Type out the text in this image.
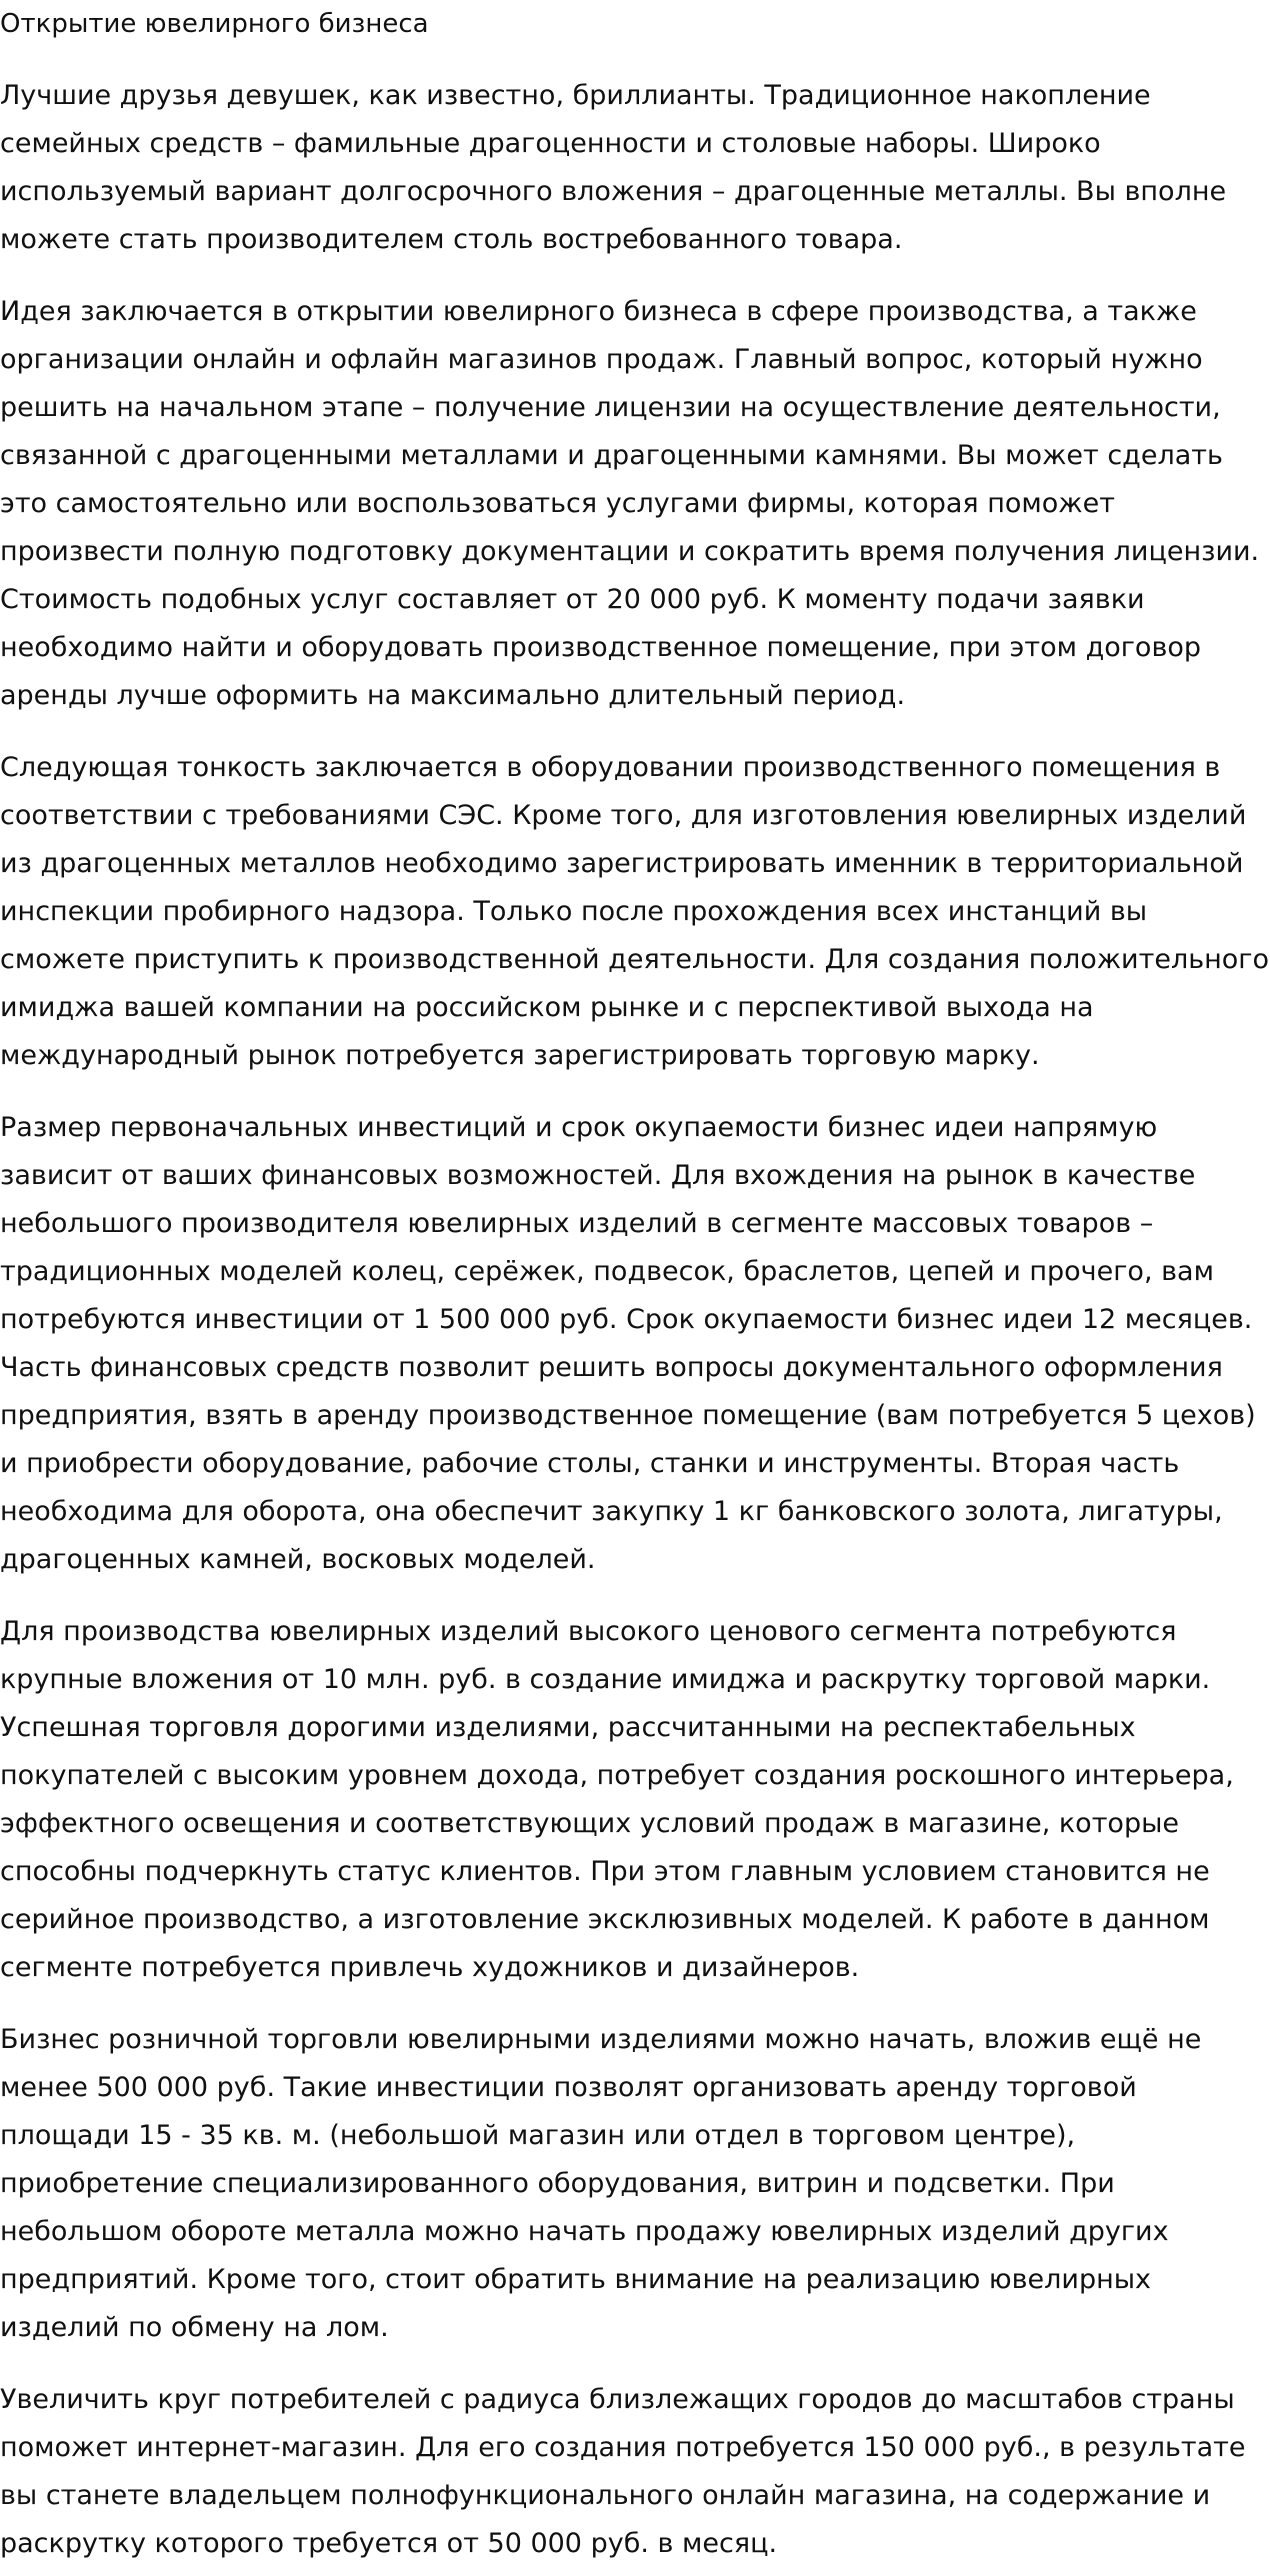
Открытие ювелирного бизнеса

Лучшие друзья девушек, как известно, бриллианты. Традиционное накопление семейных средств – фамильные драгоценности и столовые наборы. Широко используемый вариант долгосрочного вложения – драгоценные металлы. Вы вполне можете стать производителем столь востребованного товара.

Идея заключается в открытии ювелирного бизнеса в сфере производства, а также организации онлайн и офлайн магазинов продаж. Главный вопрос, который нужно решить на начальном этапе – получение лицензии на осуществление деятельности, связанной с драгоценными металлами и драгоценными камнями. Вы может сделать это самостоятельно или воспользоваться услугами фирмы, которая поможет произвести полную подготовку документации и сократить время получения лицензии. Стоимость подобных услуг составляет от 20 000 руб. К моменту подачи заявки необходимо найти и оборудовать производственное помещение, при этом договор аренды лучше оформить на максимально длительный период.

Следующая тонкость заключается в оборудовании производственного помещения в соответствии с требованиями СЭС. Кроме того, для изготовления ювелирных изделий из драгоценных металлов необходимо зарегистрировать именник в территориальной инспекции пробирного надзора. Только после прохождения всех инстанций вы сможете приступить к производственной деятельности. Для создания положительного имиджа вашей компании на российском рынке и с перспективой выхода на международный рынок потребуется зарегистрировать торговую марку.

Размер первоначальных инвестиций и срок окупаемости бизнес идеи напрямую зависит от ваших финансовых возможностей. Для вхождения на рынок в качестве небольшого производителя ювелирных изделий в сегменте массовых товаров – традиционных моделей колец, серёжек, подвесок, браслетов, цепей и прочего, вам потребуются инвестиции от 1 500 000 руб. Срок окупаемости бизнес идеи 12 месяцев. Часть финансовых средств позволит решить вопросы документального оформления предприятия, взять в аренду производственное помещение (вам потребуется 5 цехов) и приобрести оборудование, рабочие столы, станки и инструменты. Вторая часть необходима для оборота, она обеспечит закупку 1 кг банковского золота, лигатуры, драгоценных камней, восковых моделей.

Для производства ювелирных изделий высокого ценового сегмента потребуются крупные вложения от 10 млн. руб. в создание имиджа и раскрутку торговой марки. Успешная торговля дорогими изделиями, рассчитанными на респектабельных покупателей с высоким уровнем дохода, потребует создания роскошного интерьера, эффектного освещения и соответствующих условий продаж в магазине, которые способны подчеркнуть статус клиентов. При этом главным условием становится не серийное производство, а изготовление эксклюзивных моделей. К работе в данном сегменте потребуется привлечь художников и дизайнеров.

Бизнес розничной торговли ювелирными изделиями можно начать, вложив ещё не менее 500 000 руб. Такие инвестиции позволят организовать аренду торговой площади 15 - 35 кв. м. (небольшой магазин или отдел в торговом центре), приобретение специализированного оборудования, витрин и подсветки. При небольшом обороте металла можно начать продажу ювелирных изделий других предприятий. Кроме того, стоит обратить внимание на реализацию ювелирных изделий по обмену на лом.

Увеличить круг потребителей с радиуса близлежащих городов до масштабов страны поможет интернет-магазин. Для его создания потребуется 150 000 руб., в результате вы станете владельцем полнофункционального онлайн магазина, на содержание и раскрутку которого требуется от 50 000 руб. в месяц.
